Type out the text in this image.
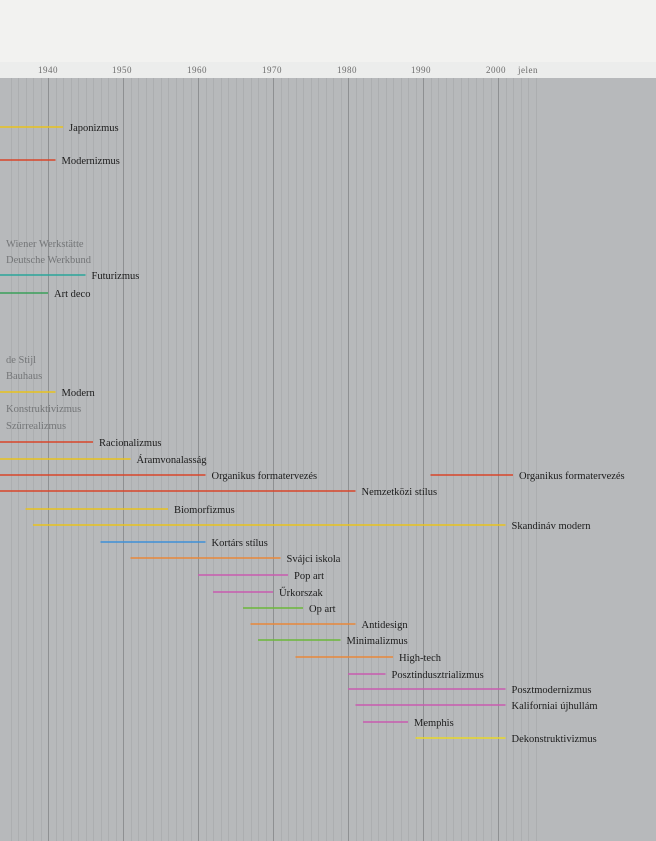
Japonizmus
Modernizmus
Wiener Werkstätte
Deutsche Werkbund
Futurizmus
Art deco
de Stijl
Bauhaus
Modern
Konstruktivizmus
Szürrealizmus
Racionalizmus
Áramvonalasság
Organikus formatervezés
Nemzetközi stílus
Organikus formatervezés
Biomorfizmus
Skandináv modern
Kortárs stílus
Svájci iskola
Pop art
Űrkorszak
Op art
Antidesign
Minimalizmus
High-tech
Posztindusztrializmus
Posztmodernizmus
Kaliforniai újhullám
Memphis
Dekonstruktivizmus
1940	1950	1960	1970	1980	1990	2000 jelen
